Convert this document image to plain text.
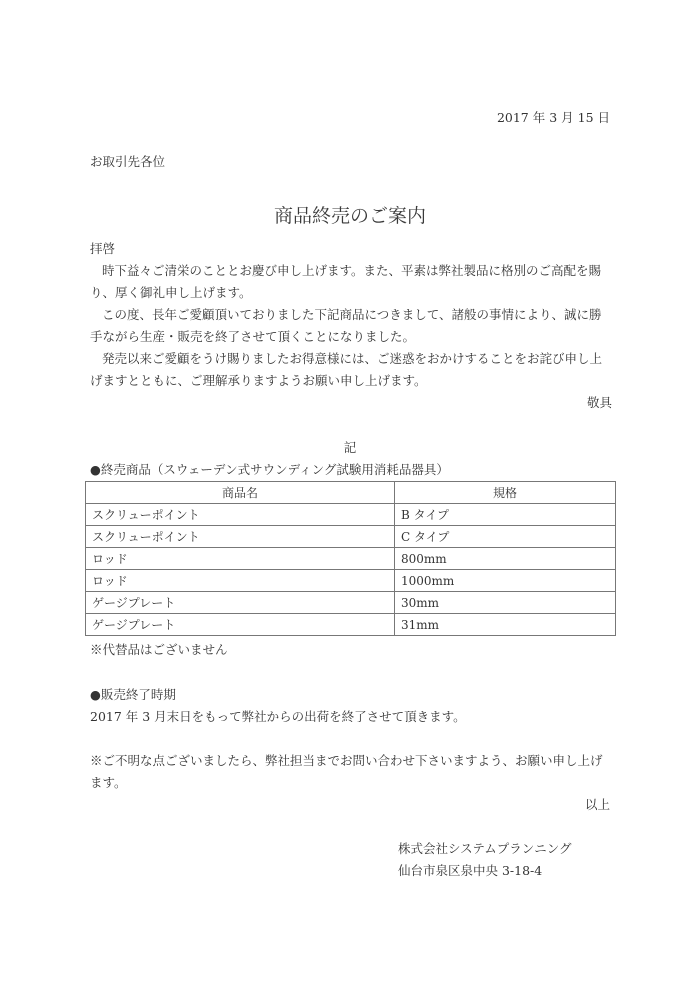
2017 年 3 月 15 日
お取引先各位
商品終売のご案内

拝啓

時下益々ご清栄のこととお慶び申し上げます。また、平素は弊社製品に格別のご高配を賜り、厚く御礼申し上げます。

この度、長年ご愛顧頂いておりました下記商品につきまして、諸般の事情により、誠に勝手ながら生産・販売を終了させて頂くことになりました。

発売以来ご愛顧をうけ賜りましたお得意様には、ご迷惑をおかけすることをお詫び申し上げますとともに、ご理解承りますようお願い申し上げます。

敬具

記
●終売商品（スウェーデン式サウンディング試験用消耗品器具）
商品名	規格
スクリューポイント	B タイプ
スクリューポイント	C タイプ
ロッド	800mm
ロッド	1000mm
ゲージプレート	30mm
ゲージプレート	31mm
※代替品はございません
●販売終了時期
2017 年 3 月末日をもって弊社からの出荷を終了させて頂きます。
※ご不明な点ございましたら、弊社担当までお問い合わせ下さいますよう、お願い申し上げます。
以上
株式会社システムプランニング
仙台市泉区泉中央 3-18-4
